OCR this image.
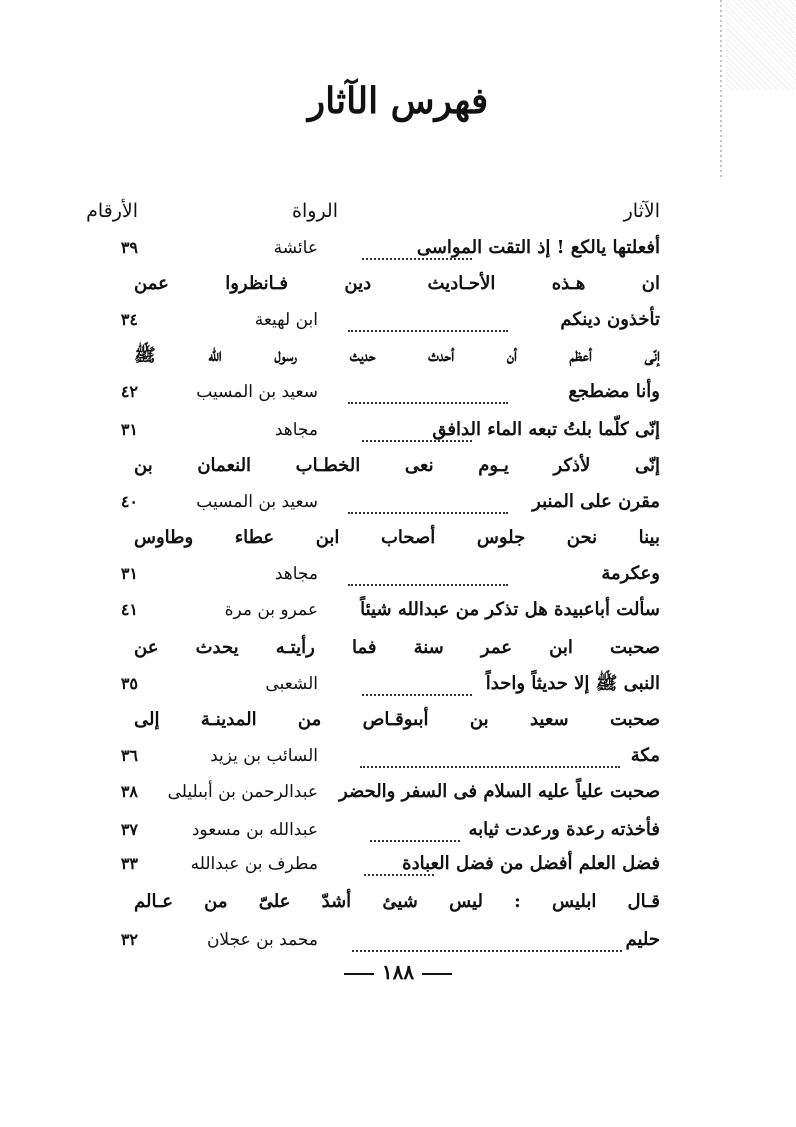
فهرس الآثار
الآثار
الرواة
الأرقام
أفعلتها يالكع ! إذ التقت المواسى
عائشة
٣٩
ان هـذه الأحـاديث دين فـانظروا عمن
تأخذون دينكم
ابن لهيعة
٣٤
إنّى أعظم أن أحدث حديث رسول الله ﷺ
وأنا مضطجع
سعيد بن المسيب
٤٢
إنّى كلّما بلتُ تبعه الماء الدافق
مجاهد
٣١
إنّى لأذكر يـوم نعى الخطـاب النعمان بن
مقرن على المنبر
سعيد بن المسيب
٤٠
بينا نحن جلوس أصحاب ابن عطاء وطاوس
وعكرمة
مجاهد
٣١
سألت أباعبيدة هل تذكر من عبدالله شيئاً
عمرو بن مرة
٤١
صحبت ابن عمر سنة فما رأيتـه يحدث عن
النبى ﷺ إلا حديثاً واحداً
الشعبى
٣٥
صحبت سعيد بن أبىوقـاص من المدينـة إلى
مكة
السائب بن يزيد
٣٦
صحبت علياً عليه السلام فى السفر والحضر
عبدالرحمن بن أبىليلى
٣٨
فأخذته رعدة ورعدت ثيابه
عبدالله بن مسعود
٣٧
فضل العلم أفضل من فضل العبادة
مطرف بن عبدالله
٣٣
قـال ابليس : ليس شيئ أشدّ علىّ من عـالم
حليم
محمد بن عجلان
٣٢
١٨٨
